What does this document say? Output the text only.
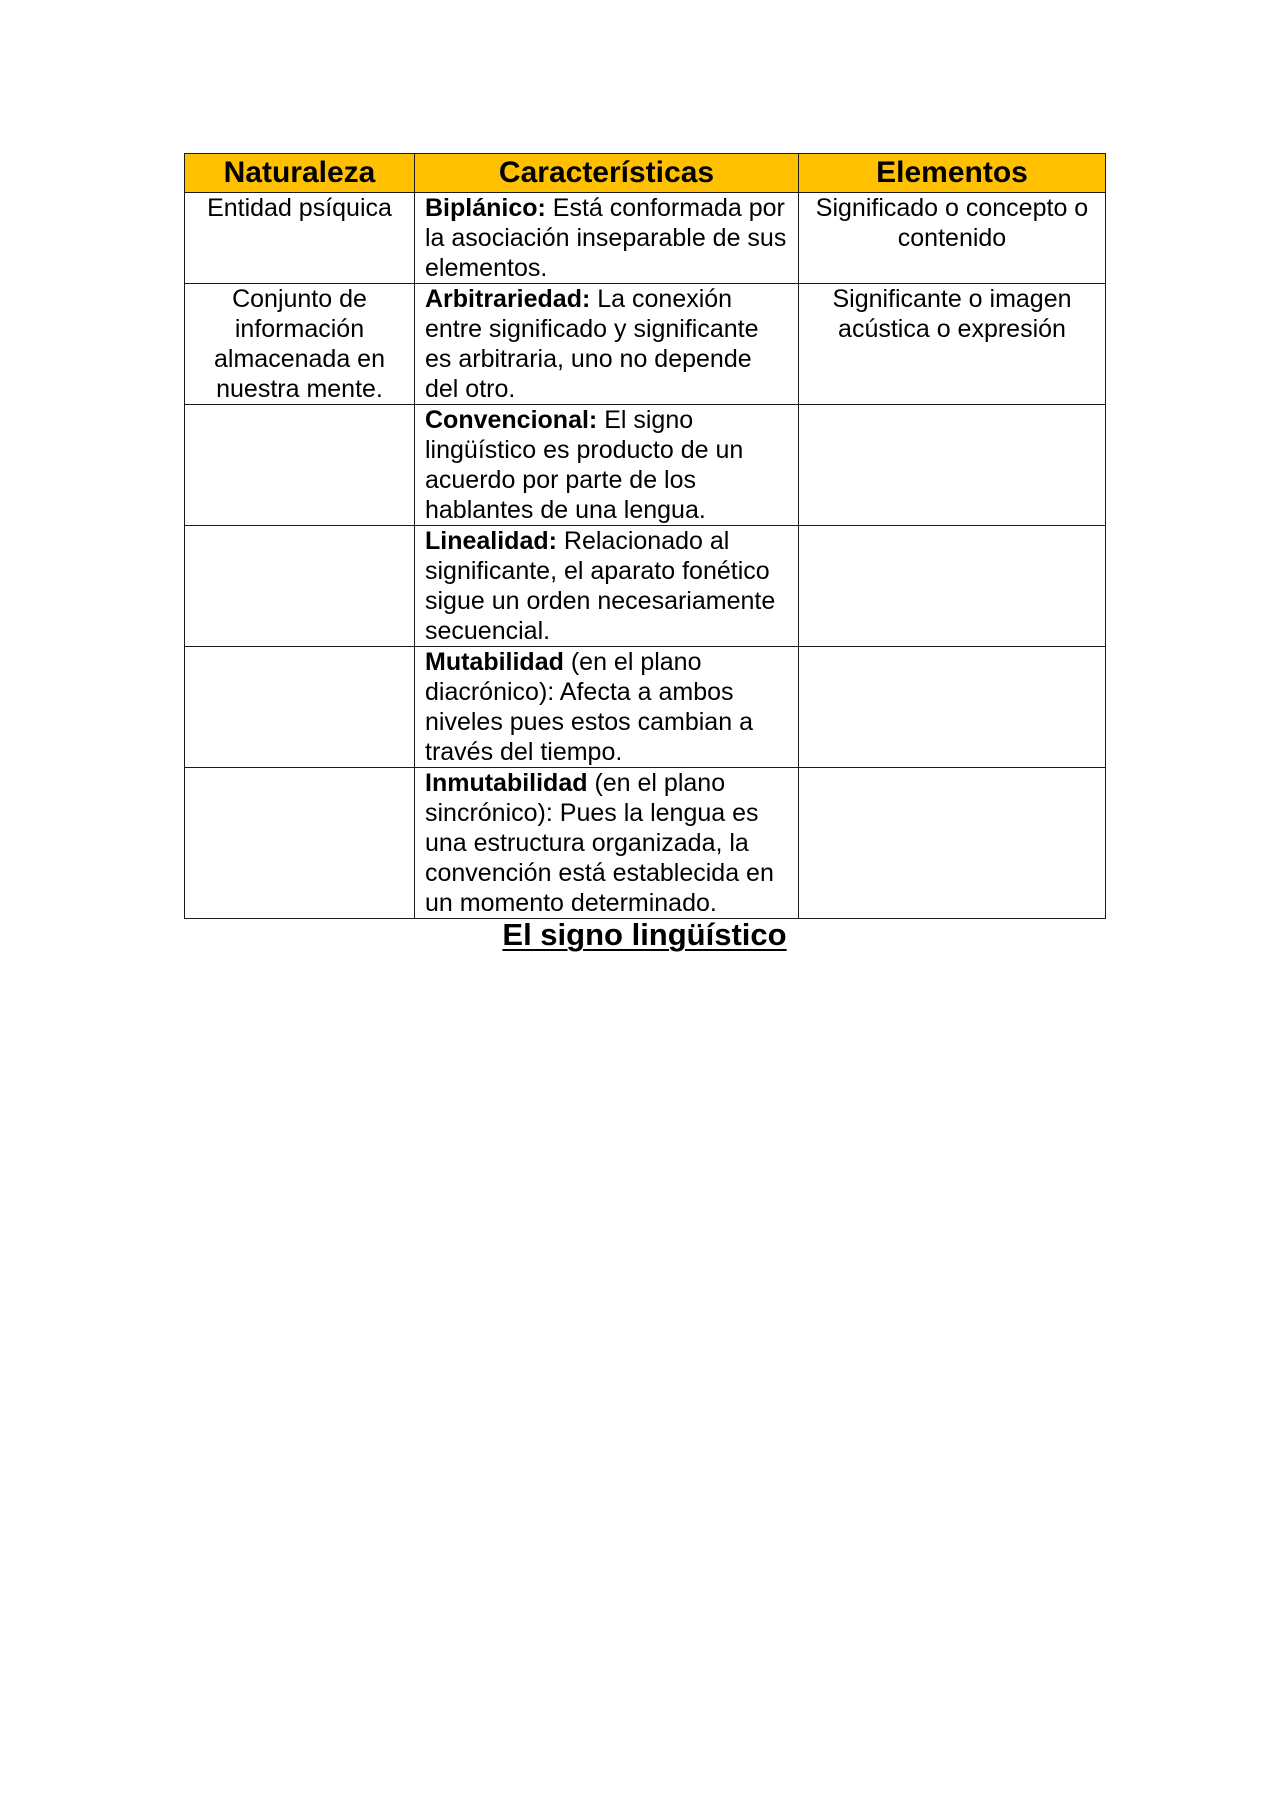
Naturaleza	Características	Elementos
Entidad psíquica	Biplánico: Está conformada por la asociación inseparable de sus elementos.	Significado o concepto o contenido
Conjunto de información almacenada en nuestra mente.	Arbitrariedad: La conexión entre significado y significante es arbitraria, uno no depende del otro.	Significante o imagen acústica o expresión
	Convencional: El signo lingüístico es producto de un acuerdo por parte de los hablantes de una lengua.	
	Linealidad: Relacionado al significante, el aparato fonético sigue un orden necesariamente secuencial.	
	Mutabilidad (en el plano diacrónico): Afecta a ambos niveles pues estos cambian a través del tiempo.	
	Inmutabilidad (en el plano sincrónico): Pues la lengua es una estructura organizada, la convención está establecida en un momento determinado.	
El signo lingüístico
